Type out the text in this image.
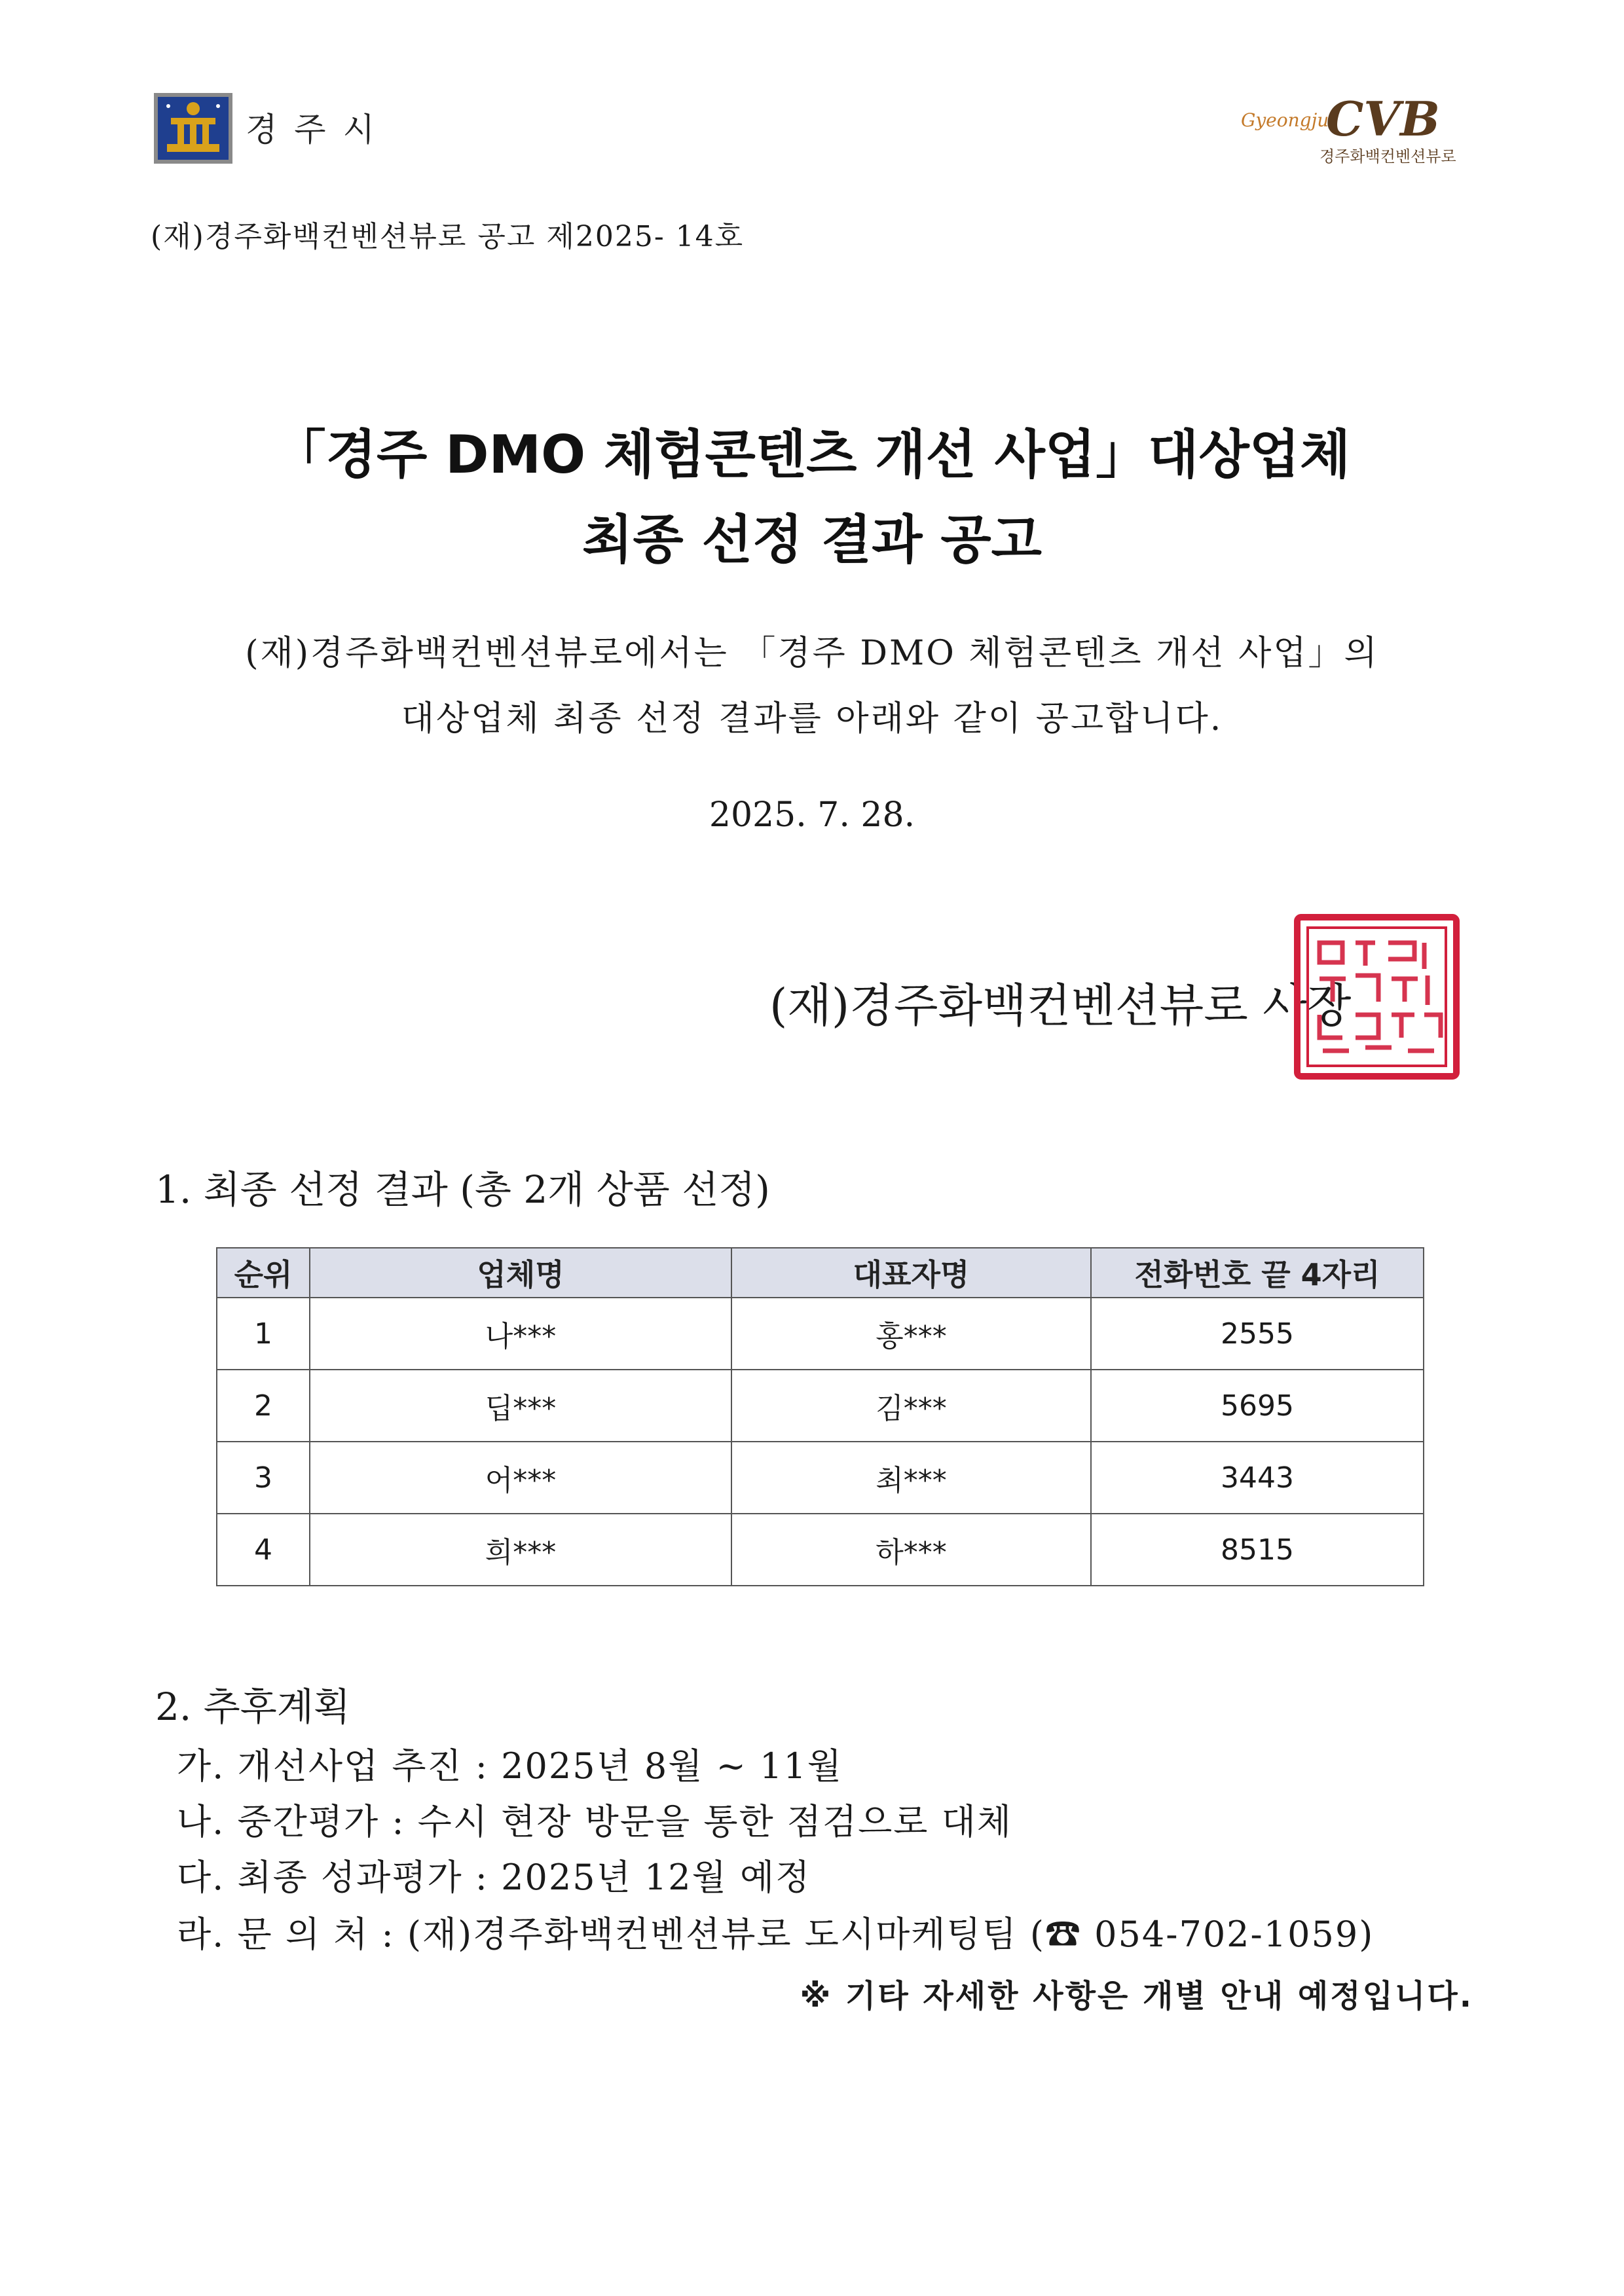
경주시	Gyeongju
CVB
경주화백컨벤션뷰로
(재)경주화백컨벤션뷰로 공고 제2025- 14호
「경주 DMO 체험콘텐츠 개선 사업」대상업체
최종 선정 결과 공고
(재)경주화백컨벤션뷰로에서는 「경주 DMO 체험콘텐츠 개선 사업」의
대상업체 최종 선정 결과를 아래와 같이 공고합니다.
2025. 7. 28.
(재)경주화백컨벤션뷰로 사장
1. 최종 선정 결과 (총 2개 상품 선정)
순위	업체명	대표자명	전화번호 끝 4자리
1	나***	홍***	2555
2	딥***	김***	5695
3	어***	최***	3443
4	희***	하***	8515
2. 추후계획
가. 개선사업 추진 : 2025년 8월 ~ 11월
나. 중간평가 : 수시 현장 방문을 통한 점검으로 대체
다. 최종 성과평가 : 2025년 12월 예정
라. 문 의 처 : (재)경주화백컨벤션뷰로 도시마케팅팀 (☎ 054-702-1059)
※ 기타 자세한 사항은 개별 안내 예정입니다.
